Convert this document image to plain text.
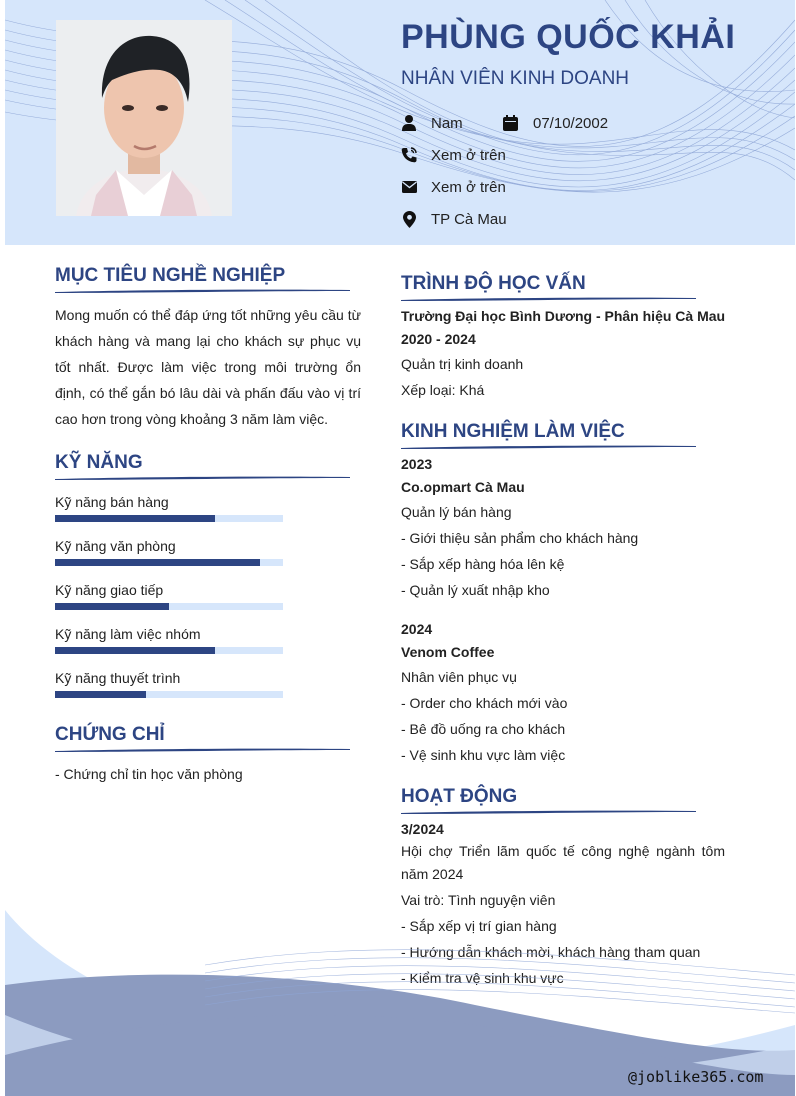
PHÙNG QUỐC KHẢI
NHÂN VIÊN KINH DOANH
Nam	07/10/2002
Xem ở trên
Xem ở trên
TP Cà Mau
MỤC TIÊU NGHỀ NGHIỆP
Mong muốn có thể đáp ứng tốt những yêu cầu từ khách hàng và mang lại cho khách sự phục vụ tốt nhất. Được làm việc trong môi trường ổn định, có thể gắn bó lâu dài và phấn đấu vào vị trí cao hơn trong vòng khoảng 3 năm làm việc.
KỸ NĂNG
Kỹ năng bán hàng
Kỹ năng văn phòng
Kỹ năng giao tiếp
Kỹ năng làm việc nhóm
Kỹ năng thuyết trình
CHỨNG CHỈ
- Chứng chỉ tin học văn phòng
TRÌNH ĐỘ HỌC VẤN
Trường Đại học Bình Dương - Phân hiệu Cà Mau
2020 - 2024
Quản trị kinh doanh
Xếp loại: Khá
KINH NGHIỆM LÀM VIỆC
2023
Co.opmart Cà Mau
Quản lý bán hàng
- Giới thiệu sản phẩm cho khách hàng
- Sắp xếp hàng hóa lên kệ
- Quản lý xuất nhập kho
2024
Venom Coffee
Nhân viên phục vụ
- Order cho khách mới vào
- Bê đồ uống ra cho khách
- Vệ sinh khu vực làm việc
HOẠT ĐỘNG
3/2024
Hội chợ Triển lãm quốc tế công nghệ ngành tôm năm 2024
Vai trò: Tình nguyện viên
- Sắp xếp vị trí gian hàng
- Hướng dẫn khách mời, khách hàng tham quan
- Kiểm tra vệ sinh khu vực
@joblike365.com
